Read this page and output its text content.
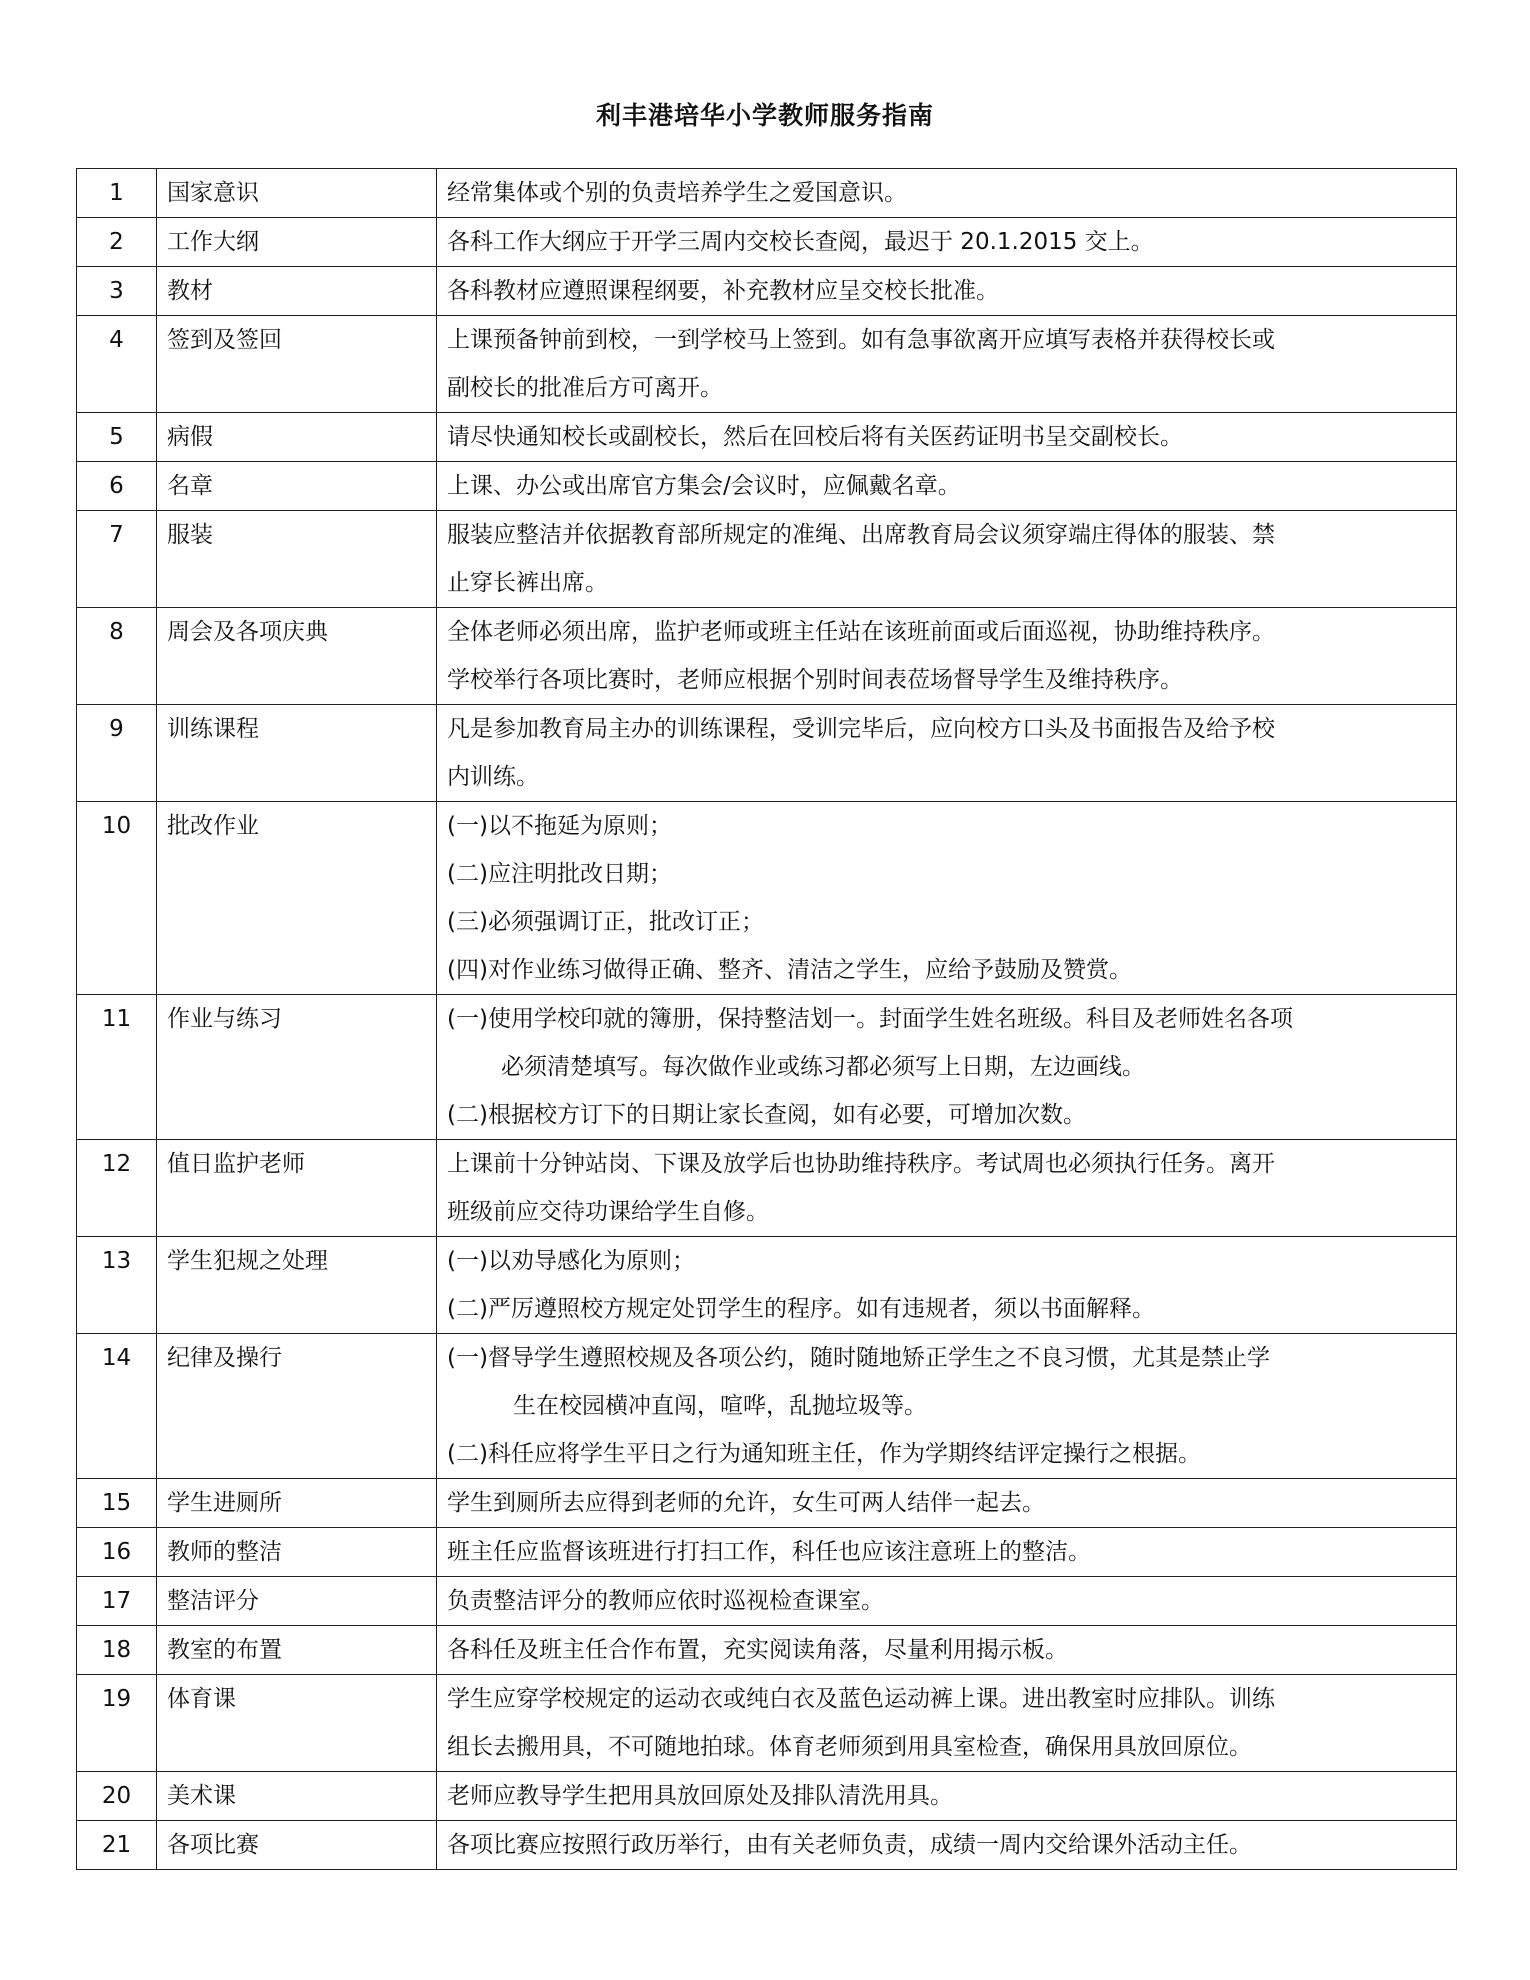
利丰港培华小学教师服务指南
1	国家意识	经常集体或个别的负责培养学生之爱国意识。

2	工作大纲	各科工作大纲应于开学三周内交校长查阅，最迟于 20.1.2015 交上。

3	教材	各科教材应遵照课程纲要，补充教材应呈交校长批准。

4	签到及签回	上课预备钟前到校，一到学校马上签到。如有急事欲离开应填写表格并获得校长或
副校长的批准后方可离开。

5	病假	请尽快通知校长或副校长，然后在回校后将有关医药证明书呈交副校长。

6	名章	上课、办公或出席官方集会/会议时，应佩戴名章。

7	服装	服装应整洁并依据教育部所规定的准绳、出席教育局会议须穿端庄得体的服装、禁
止穿长裤出席。

8	周会及各项庆典	全体老师必须出席，监护老师或班主任站在该班前面或后面巡视，协助维持秩序。
学校举行各项比赛时，老师应根据个别时间表莅场督导学生及维持秩序。

9	训练课程	凡是参加教育局主办的训练课程，受训完毕后，应向校方口头及书面报告及给予校
内训练。

10	批改作业	(一)以不拖延为原则；
(二)应注明批改日期；
(三)必须强调订正，批改订正；
(四)对作业练习做得正确、整齐、清洁之学生，应给予鼓励及赞赏。

11	作业与练习	(一)使用学校印就的簿册，保持整洁划一。封面学生姓名班级。科目及老师姓名各项
必须清楚填写。每次做作业或练习都必须写上日期，左边画线。
(二)根据校方订下的日期让家长查阅，如有必要，可增加次数。

12	值日监护老师	上课前十分钟站岗、下课及放学后也协助维持秩序。考试周也必须执行任务。离开
班级前应交待功课给学生自修。

13	学生犯规之处理	(一)以劝导感化为原则；
(二)严厉遵照校方规定处罚学生的程序。如有违规者，须以书面解释。

14	纪律及操行	(一)督导学生遵照校规及各项公约，随时随地矫正学生之不良习惯，尤其是禁止学
生在校园横冲直闯，喧哗，乱抛垃圾等。
(二)科任应将学生平日之行为通知班主任，作为学期终结评定操行之根据。

15	学生进厕所	学生到厕所去应得到老师的允许，女生可两人结伴一起去。

16	教师的整洁	班主任应监督该班进行打扫工作，科任也应该注意班上的整洁。

17	整洁评分	负责整洁评分的教师应依时巡视检查课室。

18	教室的布置	各科任及班主任合作布置，充实阅读角落，尽量利用揭示板。

19	体育课	学生应穿学校规定的运动衣或纯白衣及蓝色运动裤上课。进出教室时应排队。训练
组长去搬用具，不可随地拍球。体育老师须到用具室检查，确保用具放回原位。

20	美术课	老师应教导学生把用具放回原处及排队清洗用具。

21	各项比赛	各项比赛应按照行政历举行，由有关老师负责，成绩一周内交给课外活动主任。
